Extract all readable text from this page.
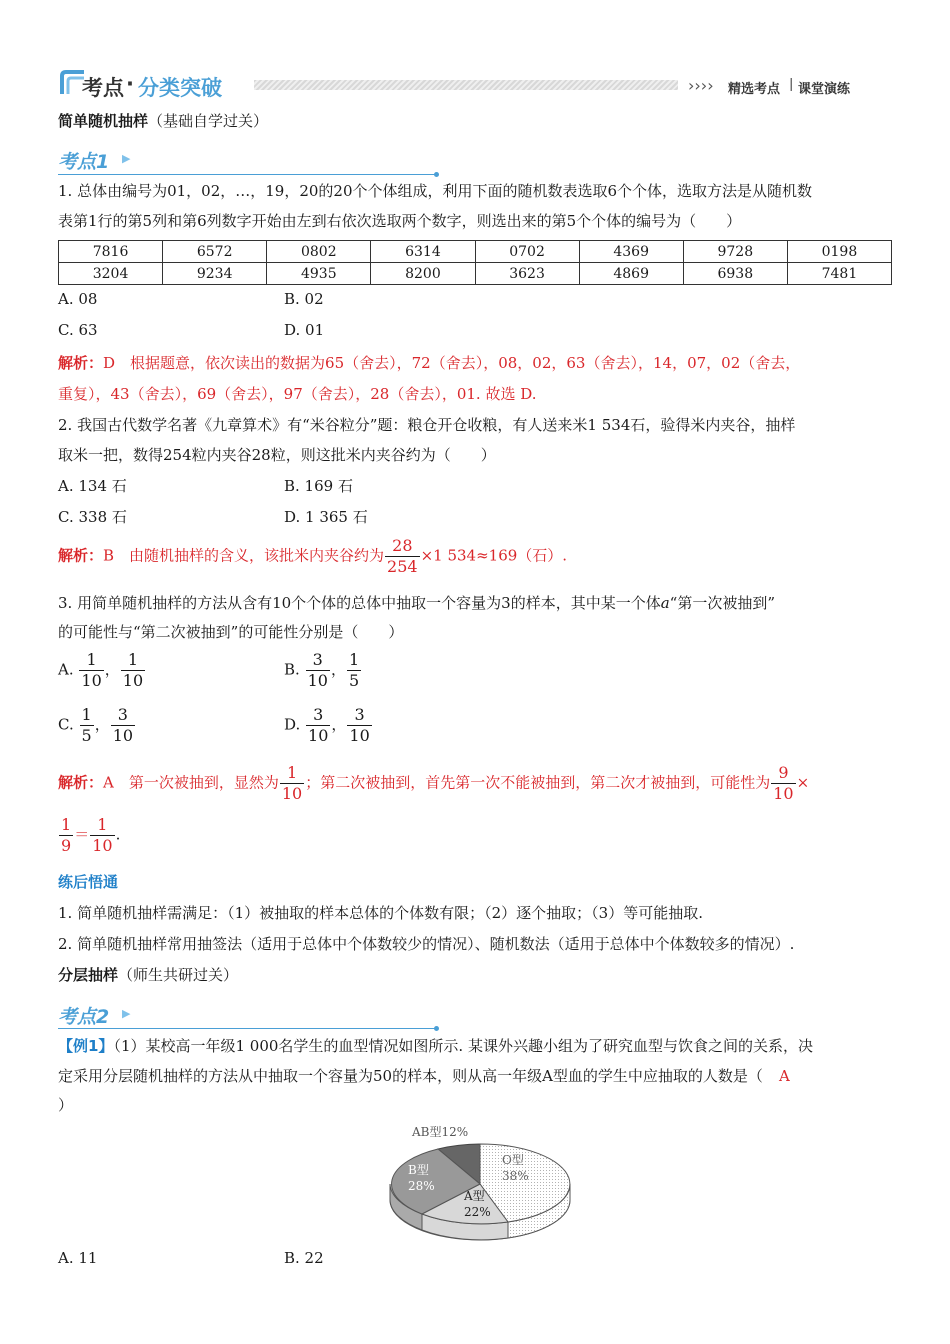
考点 · 分类突破	›››› 精选考点 | 课堂演练
简单随机抽样（基础自学过关）
考点1 ▶
1. 总体由编号为01，02，…，19，20的20个个体组成，利用下面的随机数表选取6个个体，选取方法是从随机数
表第1行的第5列和第6列数字开始由左到右依次选取两个数字，则选出来的第5个个体的编号为（　　）
7816	6572	0802	6314	0702	4369	9728	0198
3204	9234	4935	8200	3623	4869	6938	7481
A. 08	B. 02
C. 63	D. 01
解析：D　根据题意，依次读出的数据为65（舍去），72（舍去），08，02，63（舍去），14，07，02（舍去，
重复），43（舍去），69（舍去），97（舍去），28（舍去），01. 故选 D.
2. 我国古代数学名著《九章算术》有“米谷粒分”题：粮仓开仓收粮，有人送来米1 534石，验得米内夹谷，抽样
取米一把，数得254粒内夹谷28粒，则这批米内夹谷约为（　　）
A. 134 石	B. 169 石
C. 338 石	D. 1 365 石
解析：B　由随机抽样的含义，该批米内夹谷约为 $\frac{28}{254} \times 1$ 534≈169（石）.
3. 用简单随机抽样的方法从含有10个个体的总体中抽取一个容量为3的样本，其中某一个体a“第一次被抽到”
的可能性与“第二次被抽到”的可能性分别是（　　）
A. $\frac{1}{10}$ ， $\frac{1}{10}$	B. $\frac{3}{10}$ ， $\frac{1}{5}$
C. $\frac{1}{5}$ ， $\frac{3}{10}$	D. $\frac{3}{10}$ ， $\frac{3}{10}$
解析：A　第一次被抽到，显然为 $\frac{1}{10}$ ；第二次被抽到，首先第一次不能被抽到，第二次才被抽到，可能性为 $\frac{9}{10}$ ×
$\frac{1}{9} = \frac{1}{10}$ .
练后悟通
1. 简单随机抽样需满足：（1）被抽取的样本总体的个体数有限；（2）逐个抽取；（3）等可能抽取.
2. 简单随机抽样常用抽签法（适用于总体中个体数较少的情况）、随机数法（适用于总体中个体数较多的情况）.
分层抽样（师生共研过关）
考点2 ▶
【例1】（1）某校高一年级1 000名学生的血型情况如图所示. 某课外兴趣小组为了研究血型与饮食之间的关系，决
定采用分层随机抽样的方法从中抽取一个容量为50的样本，则从高一年级A型血的学生中应抽取的人数是（ A
）
AB型12%
O型
38%
B型
28%
A型
22%
A. 11	B. 22
